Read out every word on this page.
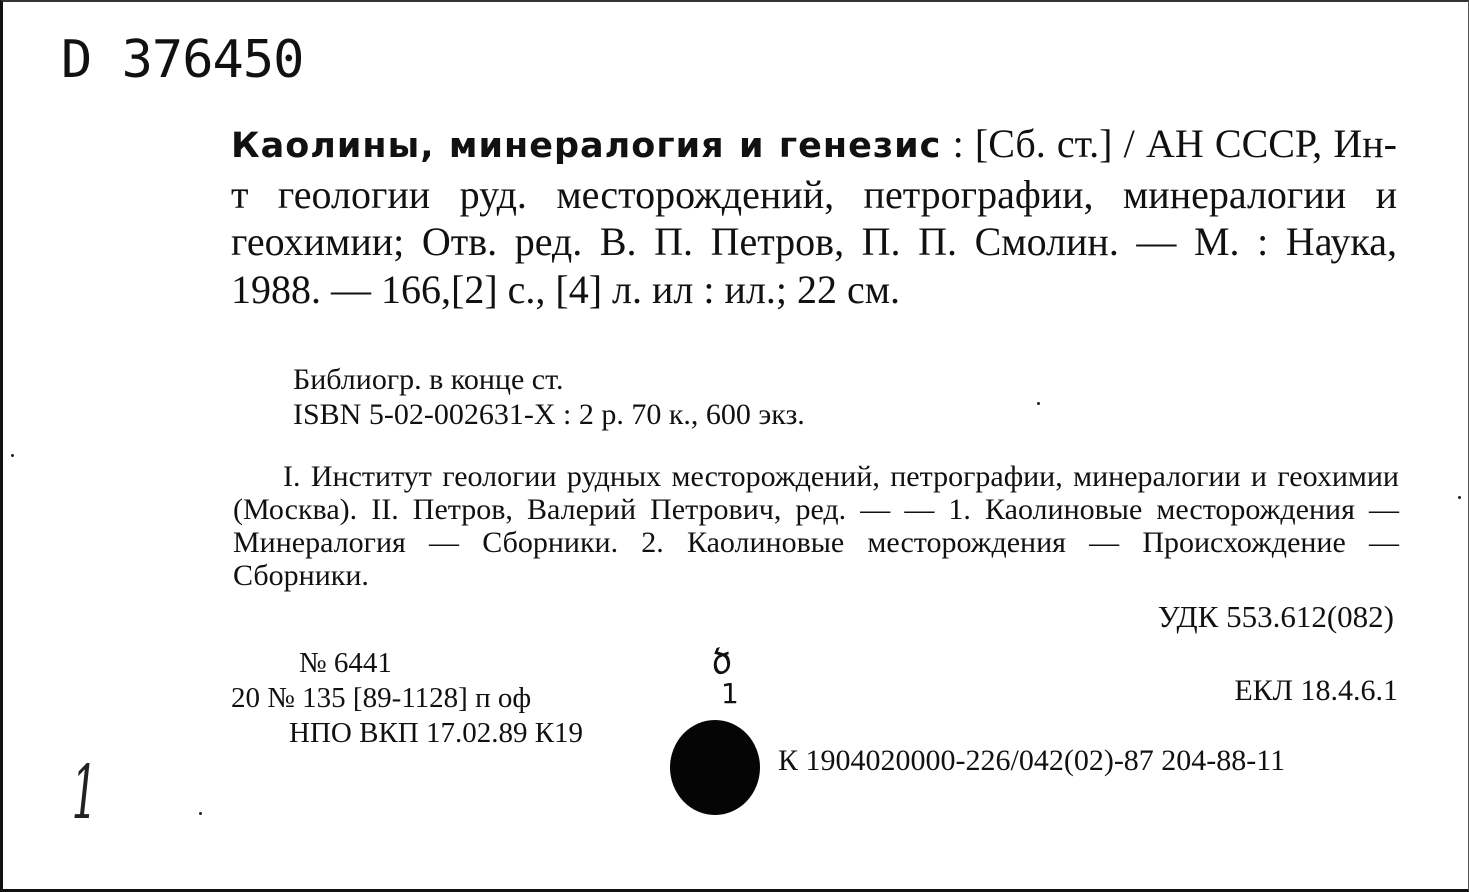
D 376450
Каолины, минералогия и генезис : [Сб. ст.] / АН СССР, Ин-т геологии руд. месторождений, петрографии, минералогии и геохимии; Отв. ред. В. П. Петров, П. П. Смолин. — М. : Наука, 1988. — 166,[2] с., [4] л. ил : ил.; 22 см.
Библиогр. в конце ст.
ISBN 5-02-002631-X : 2 р. 70 к., 600 экз.
I. Институт геологии рудных месторождений, петрографии, минералогии и геохимии (Москва). II. Петров, Валерий Петрович, ред. — — 1. Каолиновые месторождения — Минералогия — Сборники. 2. Каолиновые месторождения — Происхождение — Сборники.
УДК 553.612(082)
№ 6441
20 № 135 [89-1128] п оф
НПО ВКП 17.02.89 К19
ЕКЛ 18.4.6.1
К 1904020000-226/042(02)-87 204-88-11
ծ
1
1
